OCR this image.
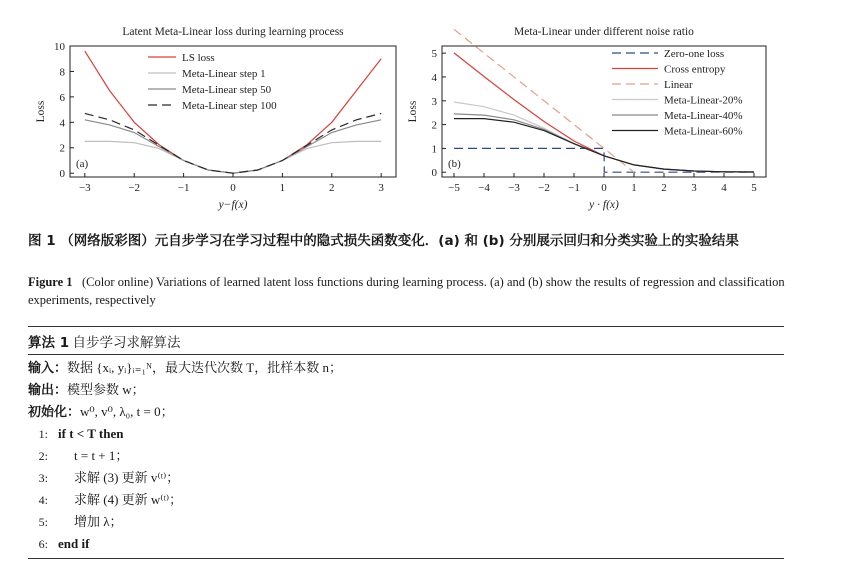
Latent Meta-Linear loss during learning process
−3	−2	−1	0	1	2	3
0
2
4
6
8
10
y−f(x)
Loss
(a)
LS loss
Meta-Linear step 1
Meta-Linear step 50
Meta-Linear step 100
Meta-Linear under different noise ratio
−5 −4 −3 −2 −1 0 1 2 3 4 5
0
1
2
3
4
5
y · f(x)
Loss
(b)
Zero-one loss
Cross entropy
Linear
Meta-Linear-20%
Meta-Linear-40%
Meta-Linear-60%
图 1 （网络版彩图）元自步学习在学习过程中的隐式损失函数变化．(a) 和 (b) 分别展示回归和分类实验上的实验结果
Figure 1 (Color online) Variations of learned latent loss functions during learning process. (a) and (b) show the results of regression and classification experiments, respectively
算法 1 自步学习求解算法
输入：数据 {xᵢ, yᵢ}ᵢ₌₁ᴺ，最大迭代次数 T，批样本数 n；
输出：模型参数 w；
初始化：w⁰, v⁰, λ₀, t = 0；
1: if t < T then
2: t = t + 1；
3: 求解 (3) 更新 v⁽ᵗ⁾；
4: 求解 (4) 更新 w⁽ᵗ⁾；
5: 增加 λ；
6: end if
